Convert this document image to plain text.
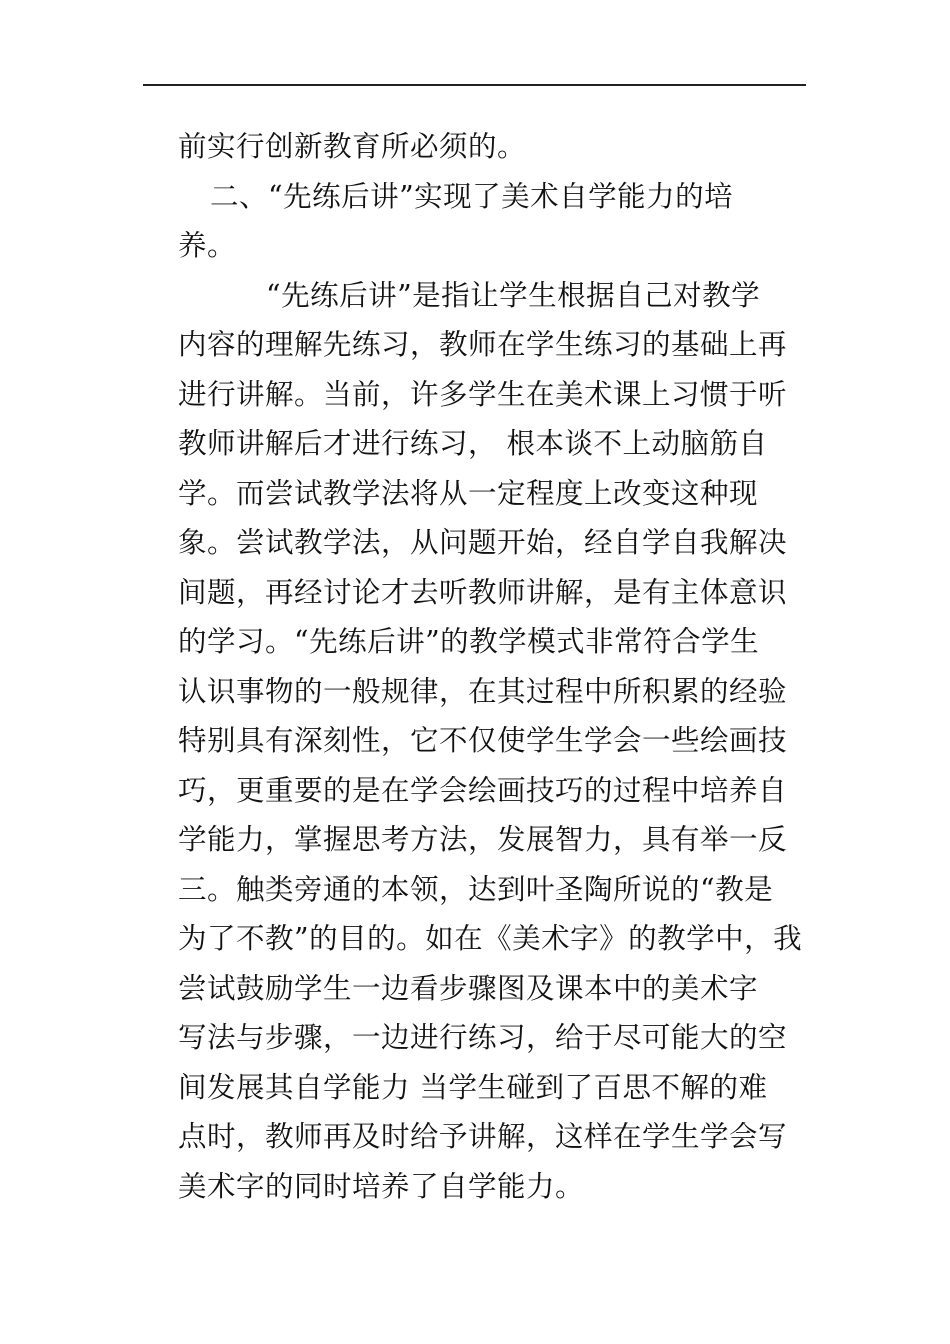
前实行创新教育所必须的。
二、“先练后讲”实现了美术自学能力的培
养。
“先练后讲”是指让学生根据自己对教学
内容的理解先练习，教师在学生练习的基础上再
进行讲解。当前，许多学生在美术课上习惯于听
教师讲解后才进行练习， 根本谈不上动脑筋自
学。而尝试教学法将从一定程度上改变这种现
象。尝试教学法，从问题开始，经自学自我解决
间题，再经讨论才去听教师讲解，是有主体意识
的学习。“先练后讲”的教学模式非常符合学生
认识事物的一般规律，在其过程中所积累的经验
特别具有深刻性，它不仅使学生学会一些绘画技
巧，更重要的是在学会绘画技巧的过程中培养自
学能力，掌握思考方法，发展智力，具有举一反
三。触类旁通的本领，达到叶圣陶所说的“教是
为了不教”的目的。如在《美术字》的教学中，我
尝试鼓励学生一边看步骤图及课本中的美术字
写法与步骤，一边进行练习，给于尽可能大的空
间发展其自学能力 当学生碰到了百思不解的难
点时，教师再及时给予讲解，这样在学生学会写
美术字的同时培养了自学能力。
